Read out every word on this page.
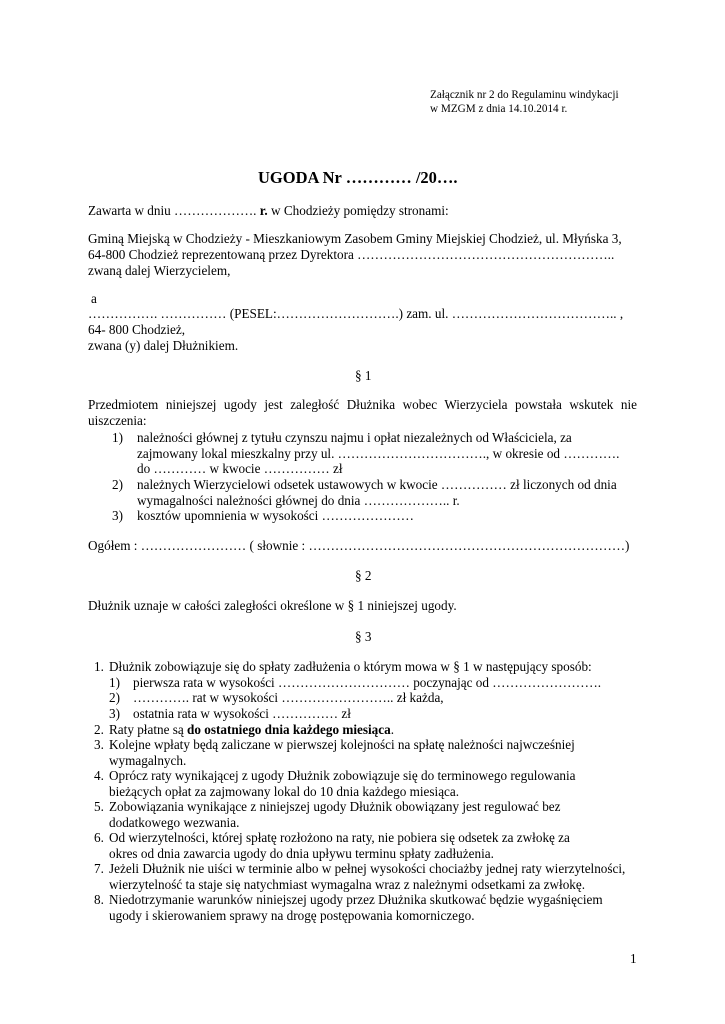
Załącznik nr 2 do Regulaminu windykacji
w MZGM z dnia 14.10.2014 r.
UGODA Nr ………… /20….
Zawarta w dniu ………………. r. w Chodzieży pomiędzy stronami:
Gminą Miejską w Chodzieży - Mieszkaniowym Zasobem Gminy Miejskiej Chodzież, ul. Młyńska 3,
64-800 Chodzież reprezentowaną przez Dyrektora …………………………………………………..
zwaną dalej Wierzycielem,
a
……………. …………… (PESEL:……………………….) zam. ul. ……………………………….. ,
64- 800 Chodzież,
zwana (y) dalej Dłużnikiem.
§ 1
Przedmiotem niniejszej ugody jest zaległość Dłużnika wobec Wierzyciela powstała wskutek nie uiszczenia:
1) należności głównej z tytułu czynszu najmu i opłat niezależnych od Właściciela, za
zajmowany lokal mieszkalny przy ul. ……………………………., w okresie od ………….
do ………… w kwocie …………… zł
2) należnych Wierzycielowi odsetek ustawowych w kwocie …………… zł liczonych od dnia
wymagalności należności głównej do dnia ……………….. r.
3) kosztów upomnienia w wysokości …………………
Ogółem : …………………… ( słownie : ………………………………………………………………)
§ 2
Dłużnik uznaje w całości zaległości określone w § 1 niniejszej ugody.
§ 3
1. Dłużnik zobowiązuje się do spłaty zadłużenia o którym mowa w § 1 w następujący sposób:
1) pierwsza rata w wysokości ………………………… poczynając od …………………….
2) …………. rat w wysokości …………………….. zł każda,
3) ostatnia rata w wysokości …………… zł
2. Raty płatne są do ostatniego dnia każdego miesiąca.
3. Kolejne wpłaty będą zaliczane w pierwszej kolejności na spłatę należności najwcześniej
wymagalnych.
4. Oprócz raty wynikającej z ugody Dłużnik zobowiązuje się do terminowego regulowania
bieżących opłat za zajmowany lokal do 10 dnia każdego miesiąca.
5. Zobowiązania wynikające z niniejszej ugody Dłużnik obowiązany jest regulować bez
dodatkowego wezwania.
6. Od wierzytelności, której spłatę rozłożono na raty, nie pobiera się odsetek za zwłokę za
okres od dnia zawarcia ugody do dnia upływu terminu spłaty zadłużenia.
7. Jeżeli Dłużnik nie uiści w terminie albo w pełnej wysokości chociażby jednej raty wierzytelności,
wierzytelność ta staje się natychmiast wymagalna wraz z należnymi odsetkami za zwłokę.
8. Niedotrzymanie warunków niniejszej ugody przez Dłużnika skutkować będzie wygaśnięciem
ugody i skierowaniem sprawy na drogę postępowania komorniczego.
1
